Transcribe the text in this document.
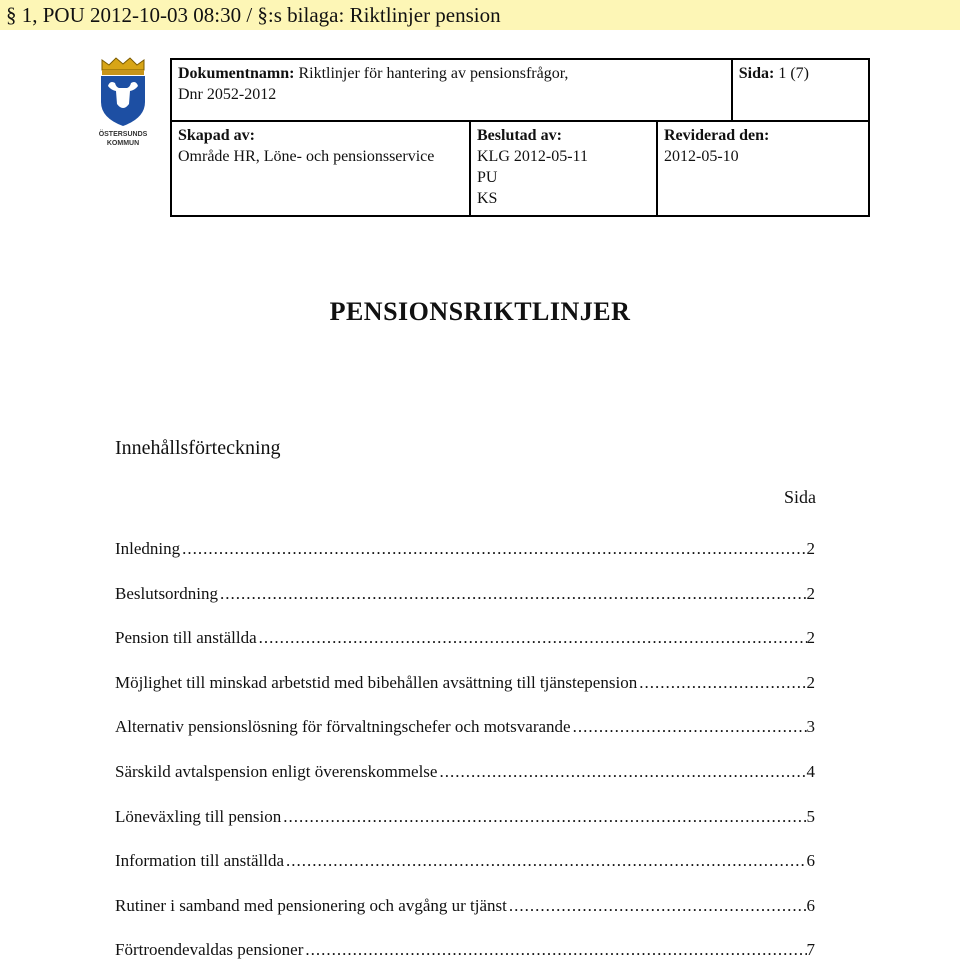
§ 1, POU 2012-10-03 08:30 / §:s bilaga: Riktlinjer pension
ÖSTERSUNDS
KOMMUN
Dokumentnamn: Riktlinjer för hantering av pensionsfrågor,
Dnr 2052-2012			Sida: 1 (7)
Skapad av:
Område HR, Löne- och pensionsservice	Beslutad av:
KLG 2012-05-11
PU
KS	Reviderad den:
2012-05-10	
PENSIONSRIKTLINJER
Innehållsförteckning
Sida
Inledning .....	2
Beslutsordning .....	2
Pension till anställda .....	2
Möjlighet till minskad arbetstid med bibehållen avsättning till tjänstepension .....	2
Alternativ pensionslösning för förvaltningschefer och motsvarande .....	3
Särskild avtalspension enligt överenskommelse .....	4
Löneväxling till pension .....	5
Information till anställda .....	6
Rutiner i samband med pensionering och avgång ur tjänst .....	6
Förtroendevaldas pensioner .....	7
